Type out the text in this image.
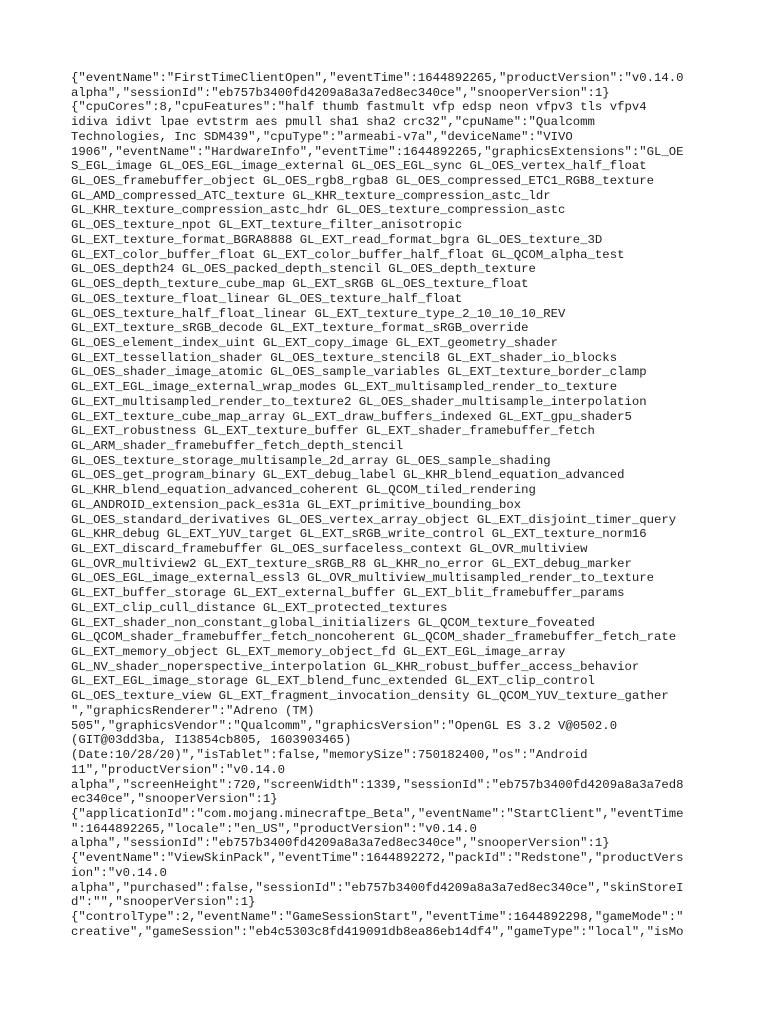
{"eventName":"FirstTimeClientOpen","eventTime":1644892265,"productVersion":"v0.14.0
alpha","sessionId":"eb757b3400fd4209a8a3a7ed8ec340ce","snooperVersion":1}
{"cpuCores":8,"cpuFeatures":"half thumb fastmult vfp edsp neon vfpv3 tls vfpv4
idiva idivt lpae evtstrm aes pmull sha1 sha2 crc32","cpuName":"Qualcomm
Technologies, Inc SDM439","cpuType":"armeabi-v7a","deviceName":"VIVO
1906","eventName":"HardwareInfo","eventTime":1644892265,"graphicsExtensions":"GL_OE
S_EGL_image GL_OES_EGL_image_external GL_OES_EGL_sync GL_OES_vertex_half_float
GL_OES_framebuffer_object GL_OES_rgb8_rgba8 GL_OES_compressed_ETC1_RGB8_texture
GL_AMD_compressed_ATC_texture GL_KHR_texture_compression_astc_ldr
GL_KHR_texture_compression_astc_hdr GL_OES_texture_compression_astc
GL_OES_texture_npot GL_EXT_texture_filter_anisotropic
GL_EXT_texture_format_BGRA8888 GL_EXT_read_format_bgra GL_OES_texture_3D
GL_EXT_color_buffer_float GL_EXT_color_buffer_half_float GL_QCOM_alpha_test
GL_OES_depth24 GL_OES_packed_depth_stencil GL_OES_depth_texture
GL_OES_depth_texture_cube_map GL_EXT_sRGB GL_OES_texture_float
GL_OES_texture_float_linear GL_OES_texture_half_float
GL_OES_texture_half_float_linear GL_EXT_texture_type_2_10_10_10_REV
GL_EXT_texture_sRGB_decode GL_EXT_texture_format_sRGB_override
GL_OES_element_index_uint GL_EXT_copy_image GL_EXT_geometry_shader
GL_EXT_tessellation_shader GL_OES_texture_stencil8 GL_EXT_shader_io_blocks
GL_OES_shader_image_atomic GL_OES_sample_variables GL_EXT_texture_border_clamp
GL_EXT_EGL_image_external_wrap_modes GL_EXT_multisampled_render_to_texture
GL_EXT_multisampled_render_to_texture2 GL_OES_shader_multisample_interpolation
GL_EXT_texture_cube_map_array GL_EXT_draw_buffers_indexed GL_EXT_gpu_shader5
GL_EXT_robustness GL_EXT_texture_buffer GL_EXT_shader_framebuffer_fetch
GL_ARM_shader_framebuffer_fetch_depth_stencil
GL_OES_texture_storage_multisample_2d_array GL_OES_sample_shading
GL_OES_get_program_binary GL_EXT_debug_label GL_KHR_blend_equation_advanced
GL_KHR_blend_equation_advanced_coherent GL_QCOM_tiled_rendering
GL_ANDROID_extension_pack_es31a GL_EXT_primitive_bounding_box
GL_OES_standard_derivatives GL_OES_vertex_array_object GL_EXT_disjoint_timer_query
GL_KHR_debug GL_EXT_YUV_target GL_EXT_sRGB_write_control GL_EXT_texture_norm16
GL_EXT_discard_framebuffer GL_OES_surfaceless_context GL_OVR_multiview
GL_OVR_multiview2 GL_EXT_texture_sRGB_R8 GL_KHR_no_error GL_EXT_debug_marker
GL_OES_EGL_image_external_essl3 GL_OVR_multiview_multisampled_render_to_texture
GL_EXT_buffer_storage GL_EXT_external_buffer GL_EXT_blit_framebuffer_params
GL_EXT_clip_cull_distance GL_EXT_protected_textures
GL_EXT_shader_non_constant_global_initializers GL_QCOM_texture_foveated
GL_QCOM_shader_framebuffer_fetch_noncoherent GL_QCOM_shader_framebuffer_fetch_rate
GL_EXT_memory_object GL_EXT_memory_object_fd GL_EXT_EGL_image_array
GL_NV_shader_noperspective_interpolation GL_KHR_robust_buffer_access_behavior
GL_EXT_EGL_image_storage GL_EXT_blend_func_extended GL_EXT_clip_control
GL_OES_texture_view GL_EXT_fragment_invocation_density GL_QCOM_YUV_texture_gather
","graphicsRenderer":"Adreno (TM)
505","graphicsVendor":"Qualcomm","graphicsVersion":"OpenGL ES 3.2 V@0502.0
(GIT@03dd3ba, I13854cb805, 1603903465)
(Date:10/28/20)","isTablet":false,"memorySize":750182400,"os":"Android
11","productVersion":"v0.14.0
alpha","screenHeight":720,"screenWidth":1339,"sessionId":"eb757b3400fd4209a8a3a7ed8
ec340ce","snooperVersion":1}
{"applicationId":"com.mojang.minecraftpe_Beta","eventName":"StartClient","eventTime
":1644892265,"locale":"en_US","productVersion":"v0.14.0
alpha","sessionId":"eb757b3400fd4209a8a3a7ed8ec340ce","snooperVersion":1}
{"eventName":"ViewSkinPack","eventTime":1644892272,"packId":"Redstone","productVers
ion":"v0.14.0
alpha","purchased":false,"sessionId":"eb757b3400fd4209a8a3a7ed8ec340ce","skinStoreI
d":"","snooperVersion":1}
{"controlType":2,"eventName":"GameSessionStart","eventTime":1644892298,"gameMode":"
creative","gameSession":"eb4c5303c8fd419091db8ea86eb14df4","gameType":"local","isMo
